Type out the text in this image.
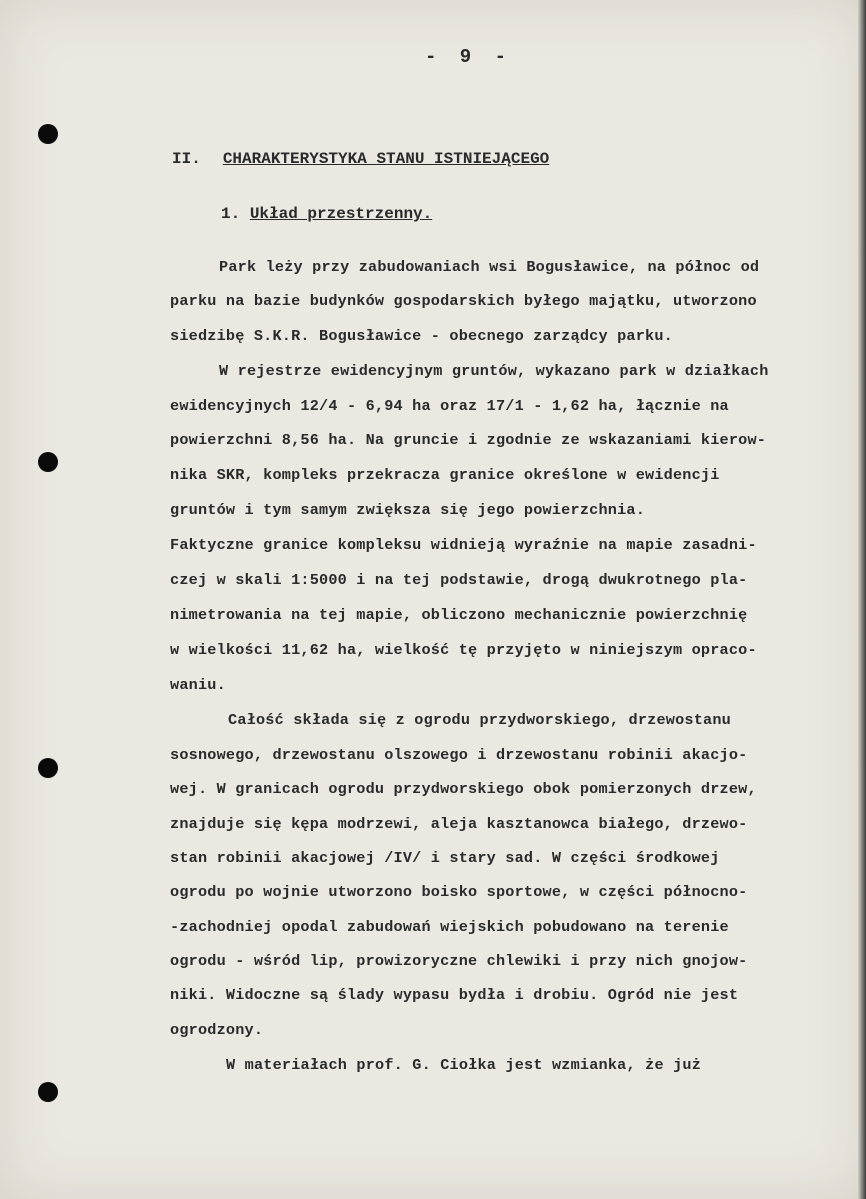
- 9 -
II. CHARAKTERYSTYKA STANU ISTNIEJĄCEGO
1. Układ przestrzenny.
Park leży przy zabudowaniach wsi Bogusławice, na północ od
parku na bazie budynków gospodarskich byłego majątku, utworzono
siedzibę S.K.R. Bogusławice - obecnego zarządcy parku.
W rejestrze ewidencyjnym gruntów, wykazano park w działkach
ewidencyjnych 12/4 - 6,94 ha oraz 17/1 - 1,62 ha, łącznie na
powierzchni 8,56 ha. Na gruncie i zgodnie ze wskazaniami kierow-
nika SKR, kompleks przekracza granice określone w ewidencji
gruntów i tym samym zwiększa się jego powierzchnia.
Faktyczne granice kompleksu widnieją wyraźnie na mapie zasadni-
czej w skali 1:5000 i na tej podstawie, drogą dwukrotnego pla-
nimetrowania na tej mapie, obliczono mechanicznie powierzchnię
w wielkości 11,62 ha, wielkość tę przyjęto w niniejszym opraco-
waniu.
Całość składa się z ogrodu przydworskiego, drzewostanu
sosnowego, drzewostanu olszowego i drzewostanu robinii akacjo-
wej. W granicach ogrodu przydworskiego obok pomierzonych drzew,
znajduje się kępa modrzewi, aleja kasztanowca białego, drzewo-
stan robinii akacjowej /IV/ i stary sad. W części środkowej
ogrodu po wojnie utworzono boisko sportowe, w części północno-
-zachodniej opodal zabudowań wiejskich pobudowano na terenie
ogrodu - wśród lip, prowizoryczne chlewiki i przy nich gnojow-
niki. Widoczne są ślady wypasu bydła i drobiu. Ogród nie jest
ogrodzony.
W materiałach prof. G. Ciołka jest wzmianka, że już
